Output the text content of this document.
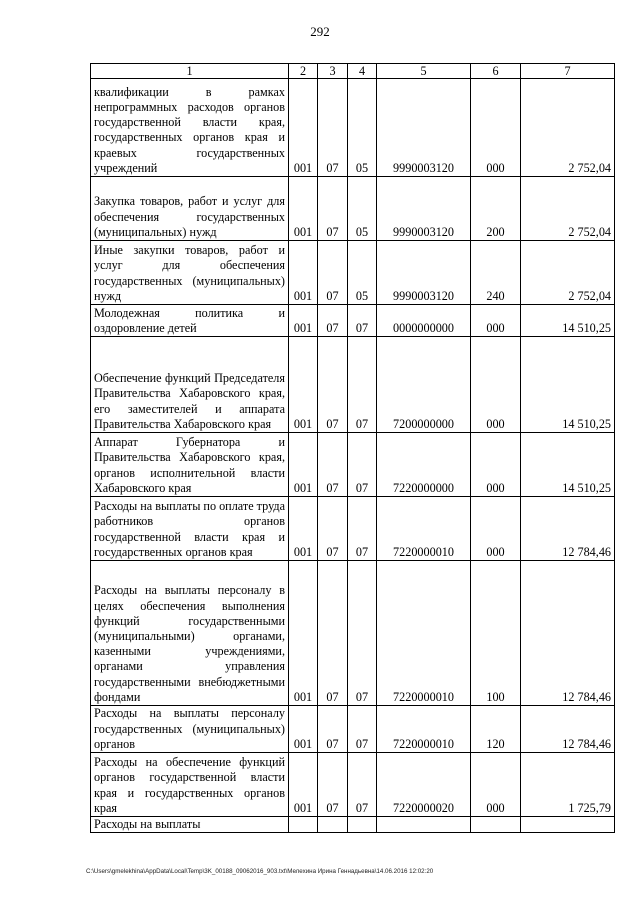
292
1	2	3	4	5	6	7
квалификации в рамках непрограммных расходов органов государственной власти края, государственных органов края и краевых государственных учреждений	001	07	05	9990003120	000	2 752,04
Закупка товаров, работ и услуг для обеспечения государственных (муниципальных) нужд	001	07	05	9990003120	200	2 752,04
Иные закупки товаров, работ и услуг для обеспечения государственных (муниципальных) нужд	001	07	05	9990003120	240	2 752,04
Молодежная политика и оздоровление детей	001	07	07	0000000000	000	14 510,25
Обеспечение функций Председателя Правительства Хабаровского края, его заместителей и аппарата Правительства Хабаровского края	001	07	07	7200000000	000	14 510,25
Аппарат Губернатора и Правительства Хабаровского края, органов исполнительной власти Хабаровского края	001	07	07	7220000000	000	14 510,25
Расходы на выплаты по оплате труда работников органов государственной власти края и государственных органов края	001	07	07	7220000010	000	12 784,46
Расходы на выплаты персоналу в целях обеспечения выполнения функций государственными (муниципальными) органами, казенными учреждениями, органами управления государственными внебюджетными фондами	001	07	07	7220000010	100	12 784,46
Расходы на выплаты персоналу государственных (муниципальных) органов	001	07	07	7220000010	120	12 784,46
Расходы на обеспечение функций органов государственной власти края и государственных органов края	001	07	07	7220000020	000	1 725,79
Расходы на выплаты						
C:\Users\gmelekhina\AppData\Local\Temp\3K_00188_09062016_903.txt\Мелехина Ирина Геннадьевна\14.06.2016 12:02:20
